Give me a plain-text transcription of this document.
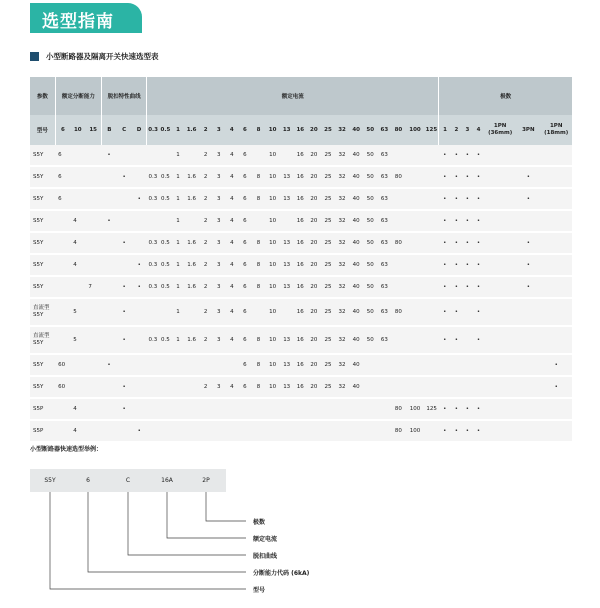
选型指南
小型断路器及隔离开关快速选型表
参数	额定分断能力			脱扣特性曲线			额定电流																					极数						
型号	6	10	15	B	C	D	0.3	0.5	1	1.6	2	3	4	6	8	10	13	16	20	25	32	40	50	63	80	100	125	1	2	3	4	1PN (36mm)	3PN	1PN (18mm)
S5Y	6			•					1		2	3	4	6		10		16	20	25	32	40	50	63				•	•	•	•			
S5Y	6				•		0.3	0.5	1	1.6	2	3	4	6	8	10	13	16	20	25	32	40	50	63	80			•	•	•	•		•	
S5Y	6					•	0.3	0.5	1	1.6	2	3	4	6	8	10	13	16	20	25	32	40	50	63				•	•	•	•		•	
S5Y		4		•					1		2	3	4	6		10		16	20	25	32	40	50	63				•	•	•	•			
S5Y		4			•		0.3	0.5	1	1.6	2	3	4	6	8	10	13	16	20	25	32	40	50	63	80			•	•	•	•		•	
S5Y		4				•	0.3	0.5	1	1.6	2	3	4	6	8	10	13	16	20	25	32	40	50	63				•	•	•	•		•	
S5Y			7		•	•	0.3	0.5	1	1.6	2	3	4	6	8	10	13	16	20	25	32	40	50	63				•	•	•	•		•	
直流型 S5Y		5			•				1		2	3	4	6		10		16	20	25	32	40	50	63	80			•	•		•			
直流型 S5Y		5			•		0.3	0.5	1	1.6	2	3	4	6	8	10	13	16	20	25	32	40	50	63				•	•		•			
S5Y	60			•										6	8	10	13	16	20	25	32	40												•
S5Y	60				•						2	3	4	6	8	10	13	16	20	25	32	40												•
S5P		4			•																				80	100	125	•	•	•	•			
S5P		4				•																			80	100		•	•	•	•			
小型断路器快速选型举例：
S5Y	6	C	16A	2P
极数
额定电流
脱扣曲线
分断能力代码 (6kA)
型号
